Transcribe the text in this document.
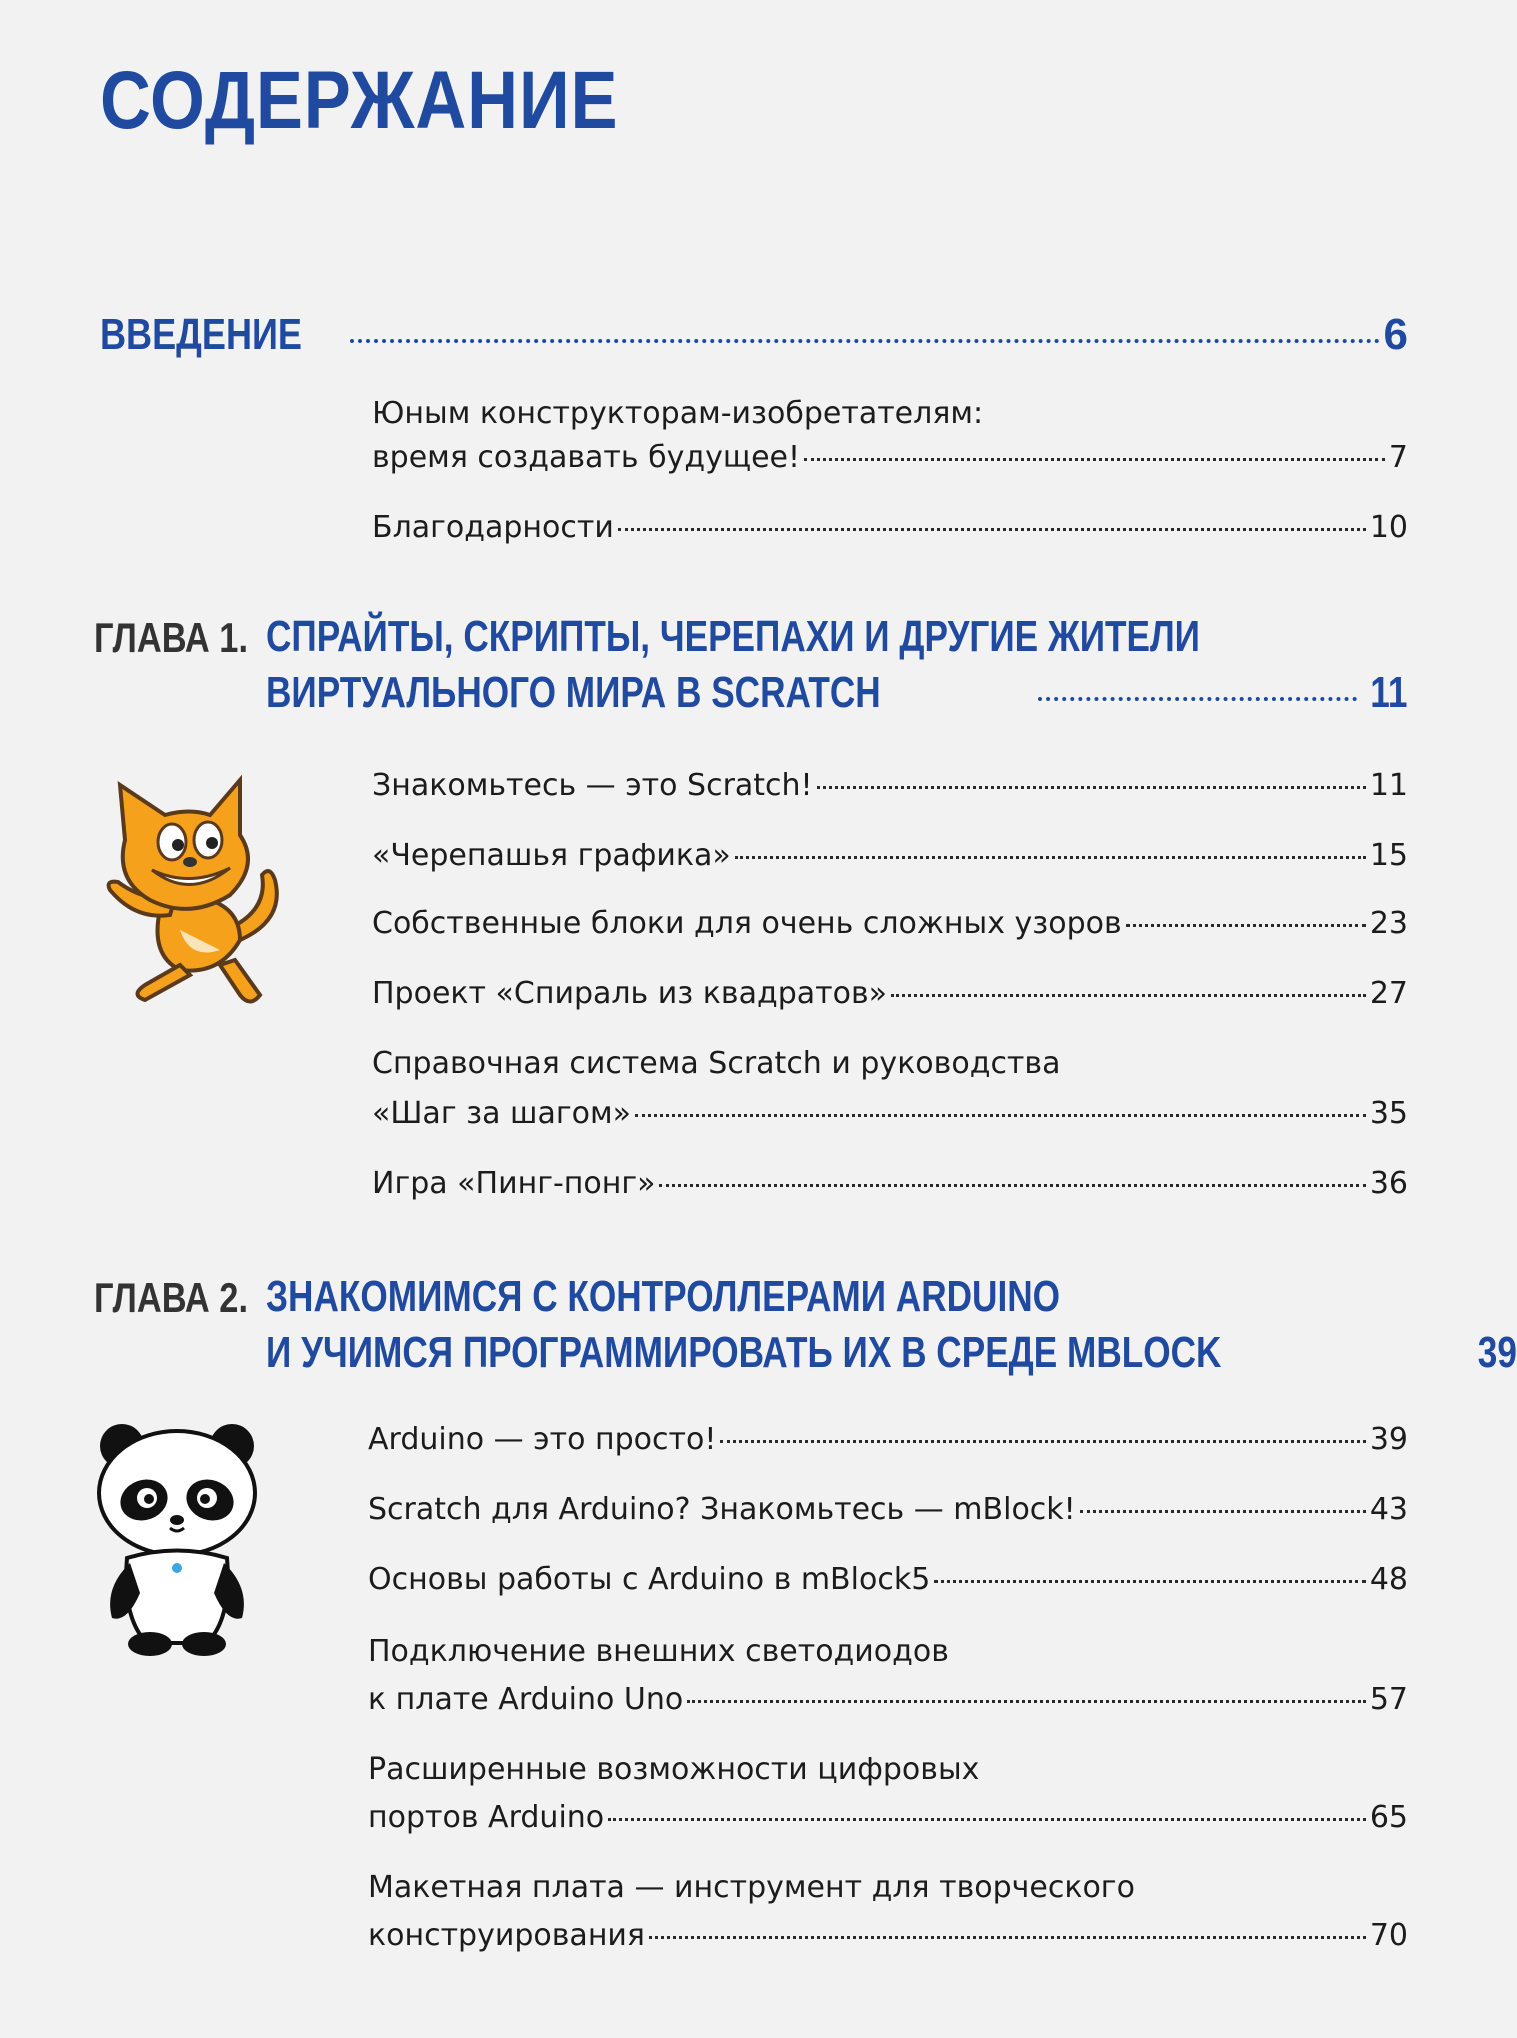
СОДЕРЖАНИЕ
ВВЕДЕНИЕ	6
Юным конструкторам-изобретателям:
время создавать будущее!	7
Благодарности	10
ГЛАВА 1. СПРАЙТЫ, СКРИПТЫ, ЧЕРЕПАХИ И ДРУГИЕ ЖИТЕЛИ
ВИРТУАЛЬНОГО МИРА В SCRATCH	11
Знакомьтесь — это Scratch!	11
«Черепашья графика»	15
Собственные блоки для очень сложных узоров	23
Проект «Спираль из квадратов»	27
Справочная система Scratch и руководства
«Шаг за шагом»	35
Игра «Пинг-понг»	36
ГЛАВА 2. ЗНАКОМИМСЯ С КОНТРОЛЛЕРАМИ ARDUINO
И УЧИМСЯ ПРОГРАММИРОВАТЬ ИХ В СРЕДЕ MBLOCK	39
Arduino — это просто!	39
Scratch для Arduino? Знакомьтесь — mBlock!	43
Основы работы с Arduino в mBlock5	48
Подключение внешних светодиодов
к плате Arduino Uno	57
Расширенные возможности цифровых
портов Arduino	65
Макетная плата — инструмент для творческого
конструирования	70
